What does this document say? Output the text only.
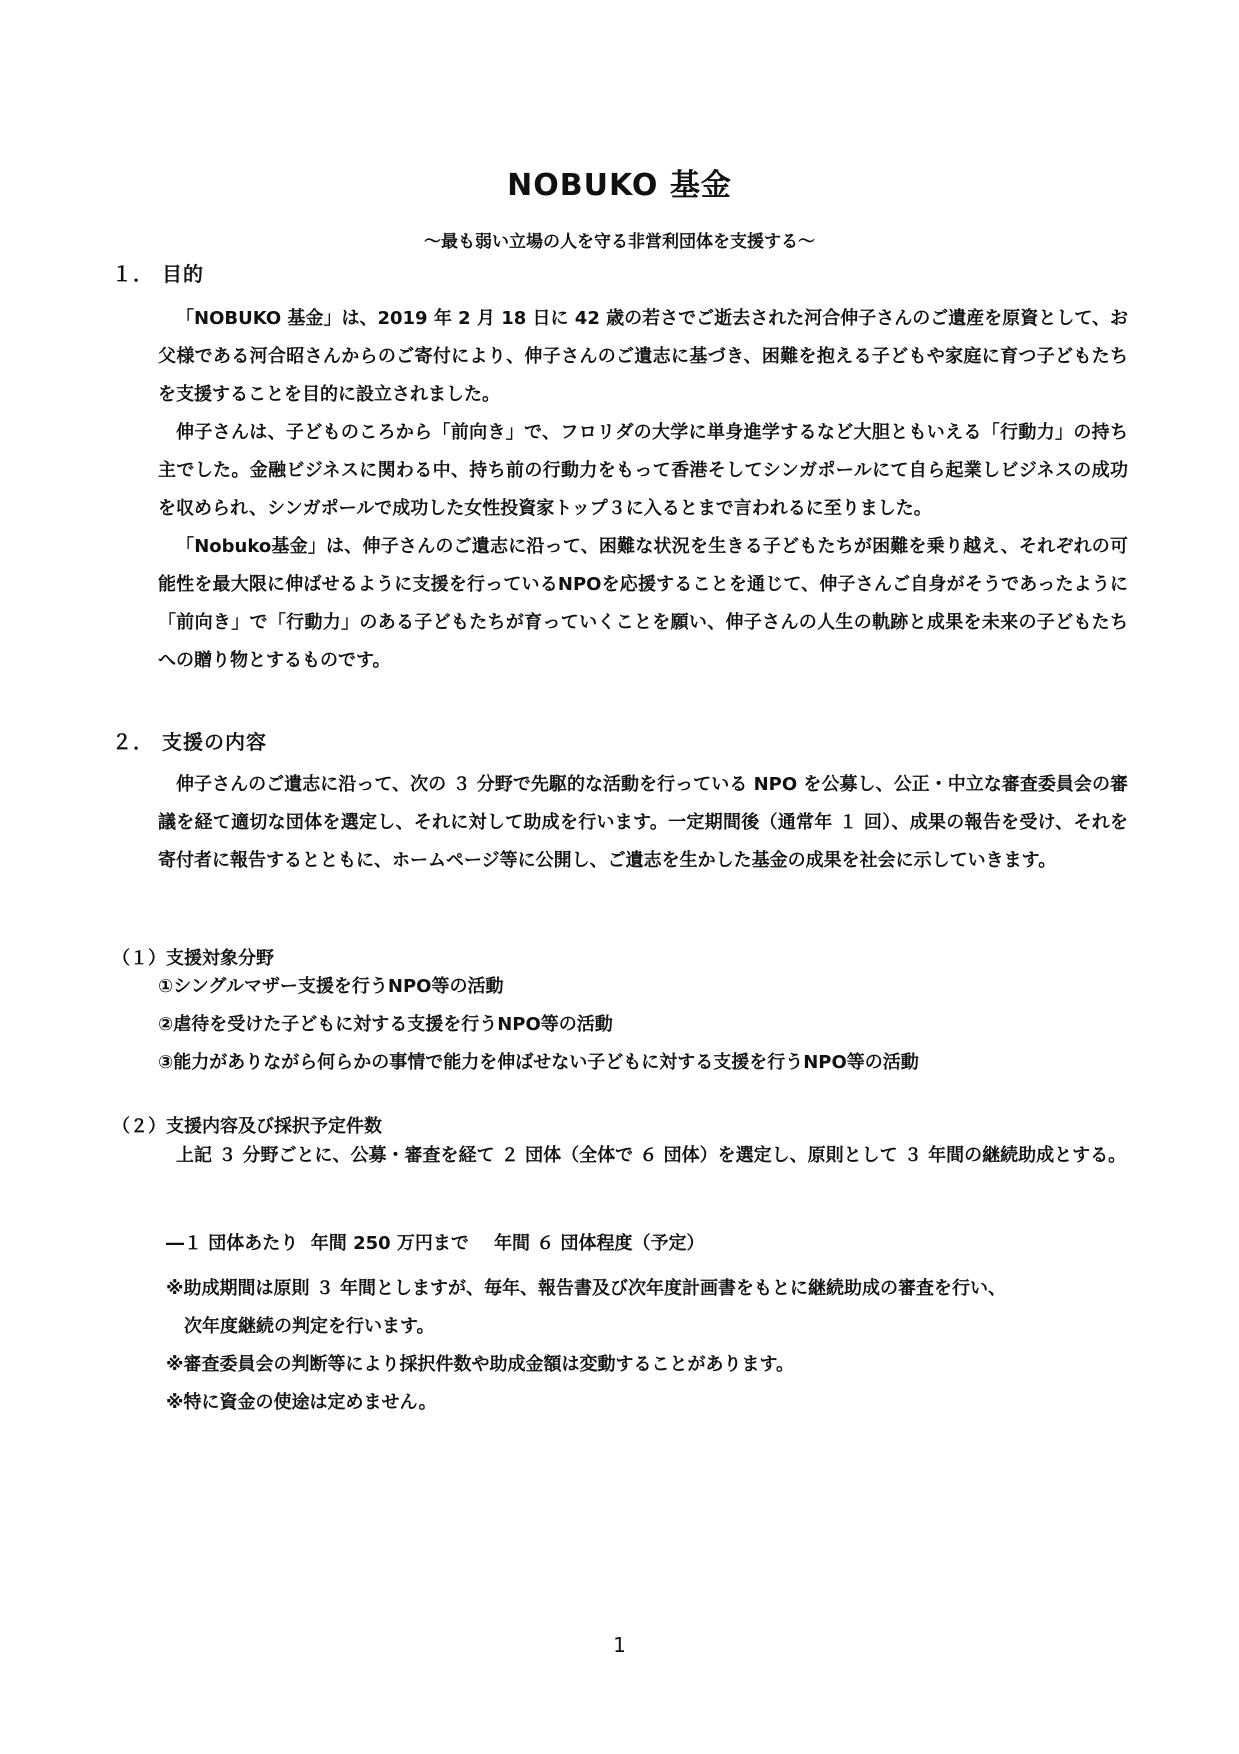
NOBUKO 基金
～最も弱い立場の人を守る非営利団体を支援する～
１． 目的

「NOBUKO 基金」は、2019 年 2 月 18 日に 42 歳の若さでご逝去された河合伸子さんのご遺産を原資として、お父様である河合昭さんからのご寄付により、伸子さんのご遺志に基づき、困難を抱える子どもや家庭に育つ子どもたちを支援することを目的に設立されました。

伸子さんは、子どものころから「前向き」で、フロリダの大学に単身進学するなど大胆ともいえる「行動力」の持ち主でした。金融ビジネスに関わる中、持ち前の行動力をもって香港そしてシンガポールにて自ら起業しビジネスの成功を収められ、シンガポールで成功した女性投資家トップ３に入るとまで言われるに至りました。

「Nobuko基金」は、伸子さんのご遺志に沿って、困難な状況を生きる子どもたちが困難を乗り越え、それぞれの可能性を最大限に伸ばせるように支援を行っているNPOを応援することを通じて、伸子さんご自身がそうであったように「前向き」で「行動力」のある子どもたちが育っていくことを願い、伸子さんの人生の軌跡と成果を未来の子どもたちへの贈り物とするものです。

２． 支援の内容

伸子さんのご遺志に沿って、次の ３ 分野で先駆的な活動を行っている NPO を公募し、公正・中立な審査委員会の審議を経て適切な団体を選定し、それに対して助成を行います。一定期間後（通常年 １ 回）、成果の報告を受け、それを寄付者に報告するとともに、ホームページ等に公開し、ご遺志を生かした基金の成果を社会に示していきます。

（１）支援対象分野
①シングルマザー支援を行うNPO等の活動
②虐待を受けた子どもに対する支援を行うNPO等の活動
③能力がありながら何らかの事情で能力を伸ばせない子どもに対する支援を行うNPO等の活動
（２）支援内容及び採択予定件数

上記 ３ 分野ごとに、公募・審査を経て ２ 団体（全体で ６ 団体）を選定し、原則として ３ 年間の継続助成とする。

―１ 団体あたり  年間 250 万円まで    年間 ６ 団体程度（予定）
※助成期間は原則 ３ 年間としますが、毎年、報告書及び次年度計画書をもとに継続助成の審査を行い、
次年度継続の判定を行います。
※審査委員会の判断等により採択件数や助成金額は変動することがあります。
※特に資金の使途は定めません。
1
